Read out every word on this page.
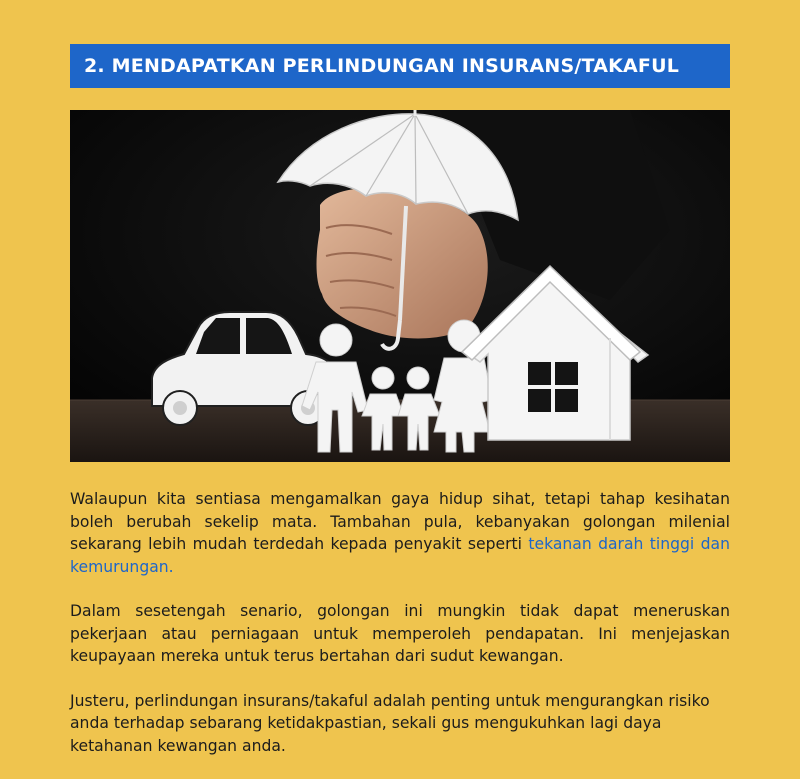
2. MENDAPATKAN PERLINDUNGAN INSURANS/TAKAFUL

Walaupun kita sentiasa mengamalkan gaya hidup sihat, tetapi tahap kesihatan boleh berubah sekelip mata. Tambahan pula, kebanyakan golongan milenial sekarang lebih mudah terdedah kepada penyakit seperti tekanan darah tinggi dan kemurungan.

Dalam sesetengah senario, golongan ini mungkin tidak dapat meneruskan pekerjaan atau perniagaan untuk memperoleh pendapatan. Ini menjejaskan keupayaan mereka untuk terus bertahan dari sudut kewangan.

Justeru, perlindungan insurans/takaful adalah penting untuk mengurangkan risiko anda terhadap sebarang ketidakpastian, sekali gus mengukuhkan lagi daya ketahanan kewangan anda.
